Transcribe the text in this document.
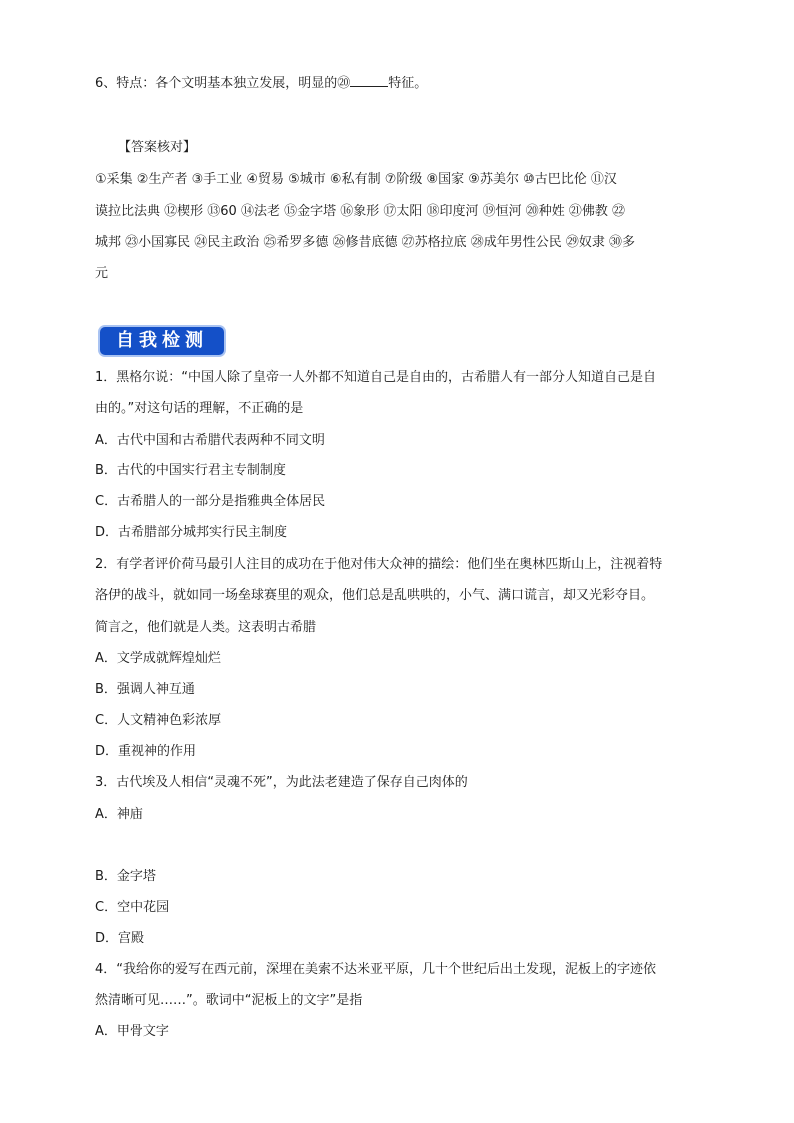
6、特点：各个文明基本独立发展，明显的⑳	特征。
【答案核对】
①采集 ②生产者 ③手工业 ④贸易 ⑤城市 ⑥私有制 ⑦阶级 ⑧国家 ⑨苏美尔 ⑩古巴比伦 ⑪汉
谟拉比法典 ⑫楔形 ⑬60 ⑭法老 ⑮金字塔 ⑯象形 ⑰太阳 ⑱印度河 ⑲恒河 ⑳种姓 ㉑佛教 ㉒
城邦 ㉓小国寡民 ㉔民主政治 ㉕希罗多德 ㉖修昔底德 ㉗苏格拉底 ㉘成年男性公民 ㉙奴隶 ㉚多
元
自我检测
1．黑格尔说：“中国人除了皇帝一人外都不知道自己是自由的，古希腊人有一部分人知道自己是自
由的。”对这句话的理解，不正确的是
A．古代中国和古希腊代表两种不同文明
B．古代的中国实行君主专制制度
C．古希腊人的一部分是指雅典全体居民
D．古希腊部分城邦实行民主制度
2．有学者评价荷马最引人注目的成功在于他对伟大众神的描绘：他们坐在奥林匹斯山上，注视着特
洛伊的战斗，就如同一场垒球赛里的观众，他们总是乱哄哄的，小气、满口谎言，却又光彩夺目。
简言之，他们就是人类。这表明古希腊
A．文学成就辉煌灿烂
B．强调人神互通
C．人文精神色彩浓厚
D．重视神的作用
3．古代埃及人相信“灵魂不死”，为此法老建造了保存自己肉体的
A．神庙
B．金字塔
C．空中花园
D．宫殿
4．“我给你的爱写在西元前，深埋在美索不达米亚平原，几十个世纪后出土发现，泥板上的字迹依
然清晰可见……”。歌词中“泥板上的文字”是指
A．甲骨文字
